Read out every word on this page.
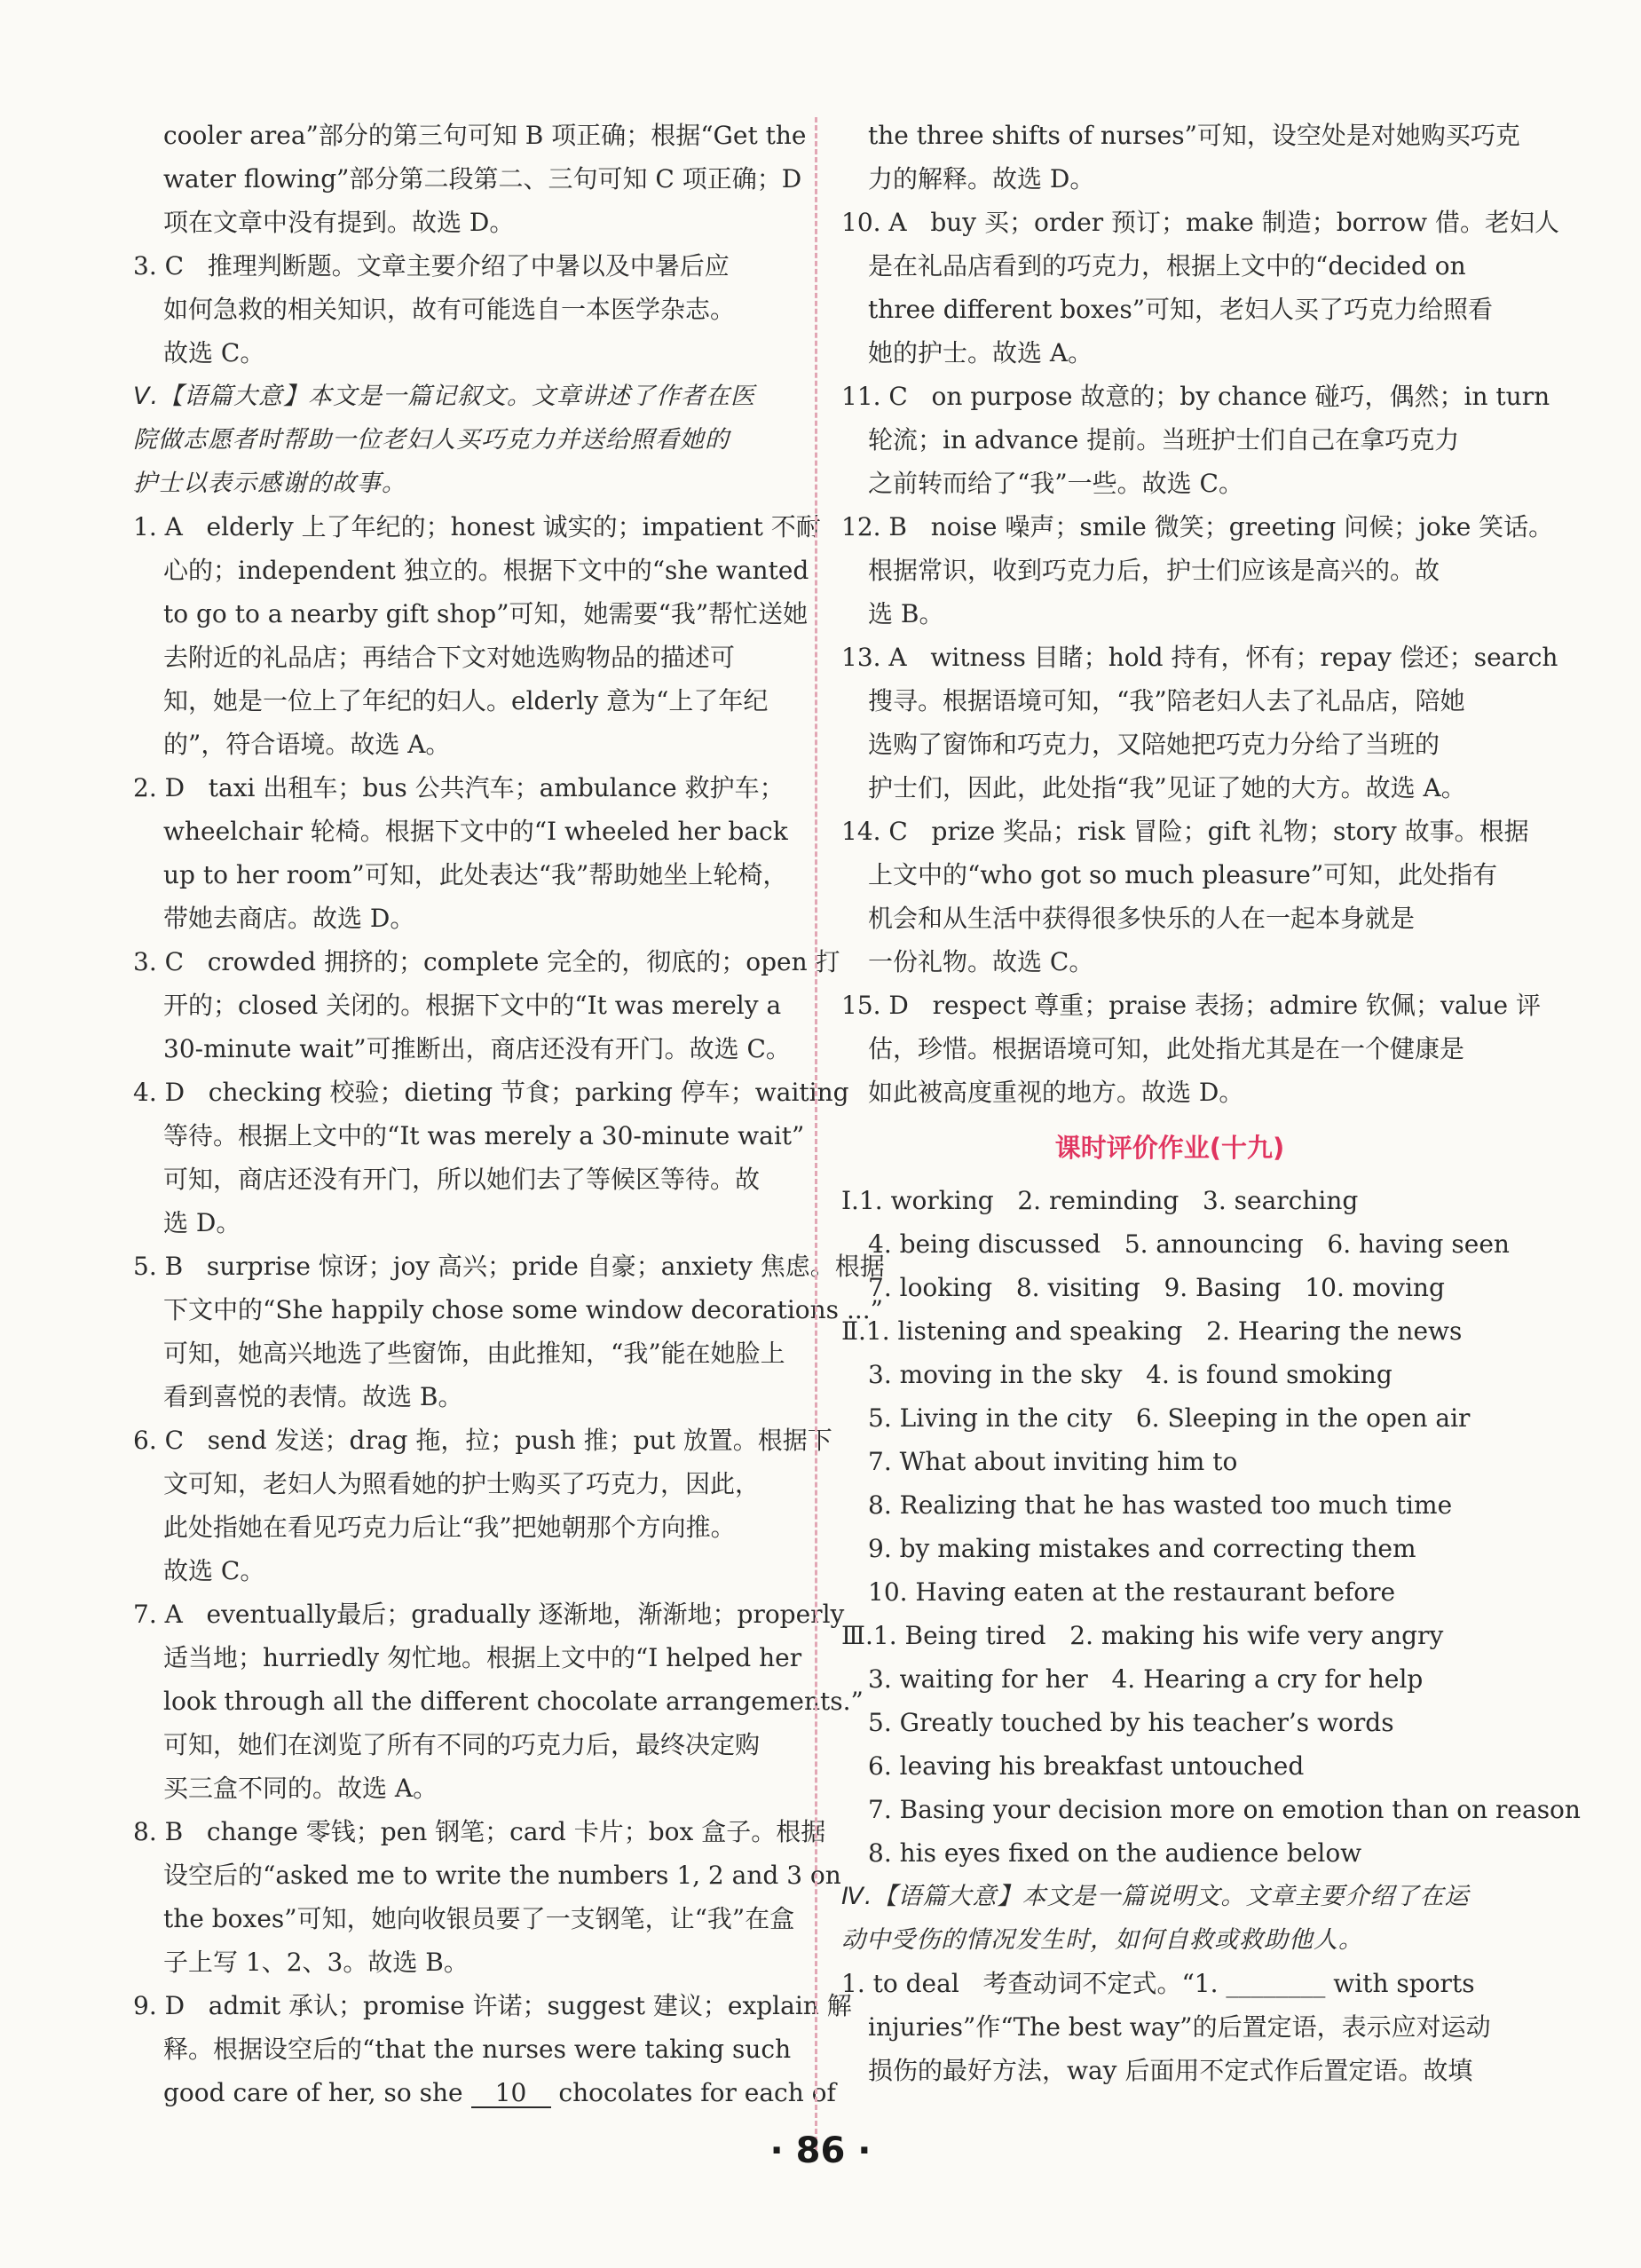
cooler area”部分的第三句可知 B 项正确；根据“Get the
water flowing”部分第二段第二、三句可知 C 项正确；D
项在文章中没有提到。故选 D。
3. C   推理判断题。文章主要介绍了中暑以及中暑后应
如何急救的相关知识，故有可能选自一本医学杂志。
故选 C。
Ⅴ.【语篇大意】本文是一篇记叙文。文章讲述了作者在医
院做志愿者时帮助一位老妇人买巧克力并送给照看她的
护士以表示感谢的故事。
1. A   elderly 上了年纪的；honest 诚实的；impatient 不耐
心的；independent 独立的。根据下文中的“she wanted
to go to a nearby gift shop”可知，她需要“我”帮忙送她
去附近的礼品店；再结合下文对她选购物品的描述可
知，她是一位上了年纪的妇人。elderly 意为“上了年纪
的”，符合语境。故选 A。
2. D   taxi 出租车；bus 公共汽车；ambulance 救护车；
wheelchair 轮椅。根据下文中的“I wheeled her back
up to her room”可知，此处表达“我”帮助她坐上轮椅，
带她去商店。故选 D。
3. C   crowded 拥挤的；complete 完全的，彻底的；open 打
开的；closed 关闭的。根据下文中的“It was merely a
30-minute wait”可推断出，商店还没有开门。故选 C。
4. D   checking 校验；dieting 节食；parking 停车；waiting
等待。根据上文中的“It was merely a 30-minute wait”
可知，商店还没有开门，所以她们去了等候区等待。故
选 D。
5. B   surprise 惊讶；joy 高兴；pride 自豪；anxiety 焦虑。根据
下文中的“She happily chose some window decorations ...”
可知，她高兴地选了些窗饰，由此推知，“我”能在她脸上
看到喜悦的表情。故选 B。
6. C   send 发送；drag 拖，拉；push 推；put 放置。根据下
文可知，老妇人为照看她的护士购买了巧克力，因此，
此处指她在看见巧克力后让“我”把她朝那个方向推。
故选 C。
7. A   eventually最后；gradually 逐渐地，渐渐地；properly
适当地；hurriedly 匆忙地。根据上文中的“I helped her
look through all the different chocolate arrangements.”
可知，她们在浏览了所有不同的巧克力后，最终决定购
买三盒不同的。故选 A。
8. B   change 零钱；pen 钢笔；card 卡片；box 盒子。根据
设空后的“asked me to write the numbers 1, 2 and 3 on
the boxes”可知，她向收银员要了一支钢笔，让“我”在盒
子上写 1、2、3。故选 B。
9. D   admit 承认；promise 许诺；suggest 建议；explain 解
释。根据设空后的“that the nurses were taking such
good care of her, so she 10 chocolates for each of
the three shifts of nurses”可知，设空处是对她购买巧克
力的解释。故选 D。
10. A   buy 买；order 预订；make 制造；borrow 借。老妇人
是在礼品店看到的巧克力，根据上文中的“decided on
three different boxes”可知，老妇人买了巧克力给照看
她的护士。故选 A。
11. C   on purpose 故意的；by chance 碰巧，偶然；in turn
轮流；in advance 提前。当班护士们自己在拿巧克力
之前转而给了“我”一些。故选 C。
12. B   noise 噪声；smile 微笑；greeting 问候；joke 笑话。
根据常识，收到巧克力后，护士们应该是高兴的。故
选 B。
13. A   witness 目睹；hold 持有，怀有；repay 偿还；search
搜寻。根据语境可知，“我”陪老妇人去了礼品店，陪她
选购了窗饰和巧克力，又陪她把巧克力分给了当班的
护士们，因此，此处指“我”见证了她的大方。故选 A。
14. C   prize 奖品；risk 冒险；gift 礼物；story 故事。根据
上文中的“who got so much pleasure”可知，此处指有
机会和从生活中获得很多快乐的人在一起本身就是
一份礼物。故选 C。
15. D   respect 尊重；praise 表扬；admire 钦佩；value 评
估，珍惜。根据语境可知，此处指尤其是在一个健康是
如此被高度重视的地方。故选 D。
课时评价作业(十九)
Ⅰ.1. working   2. reminding   3. searching
4. being discussed   5. announcing   6. having seen
7. looking   8. visiting   9. Basing   10. moving
Ⅱ.1. listening and speaking   2. Hearing the news
3. moving in the sky   4. is found smoking
5. Living in the city   6. Sleeping in the open air
7. What about inviting him to
8. Realizing that he has wasted too much time
9. by making mistakes and correcting them
10. Having eaten at the restaurant before
Ⅲ.1. Being tired   2. making his wife very angry
3. waiting for her   4. Hearing a cry for help
5. Greatly touched by his teacher’s words
6. leaving his breakfast untouched
7. Basing your decision more on emotion than on reason
8. his eyes fixed on the audience below
Ⅳ.【语篇大意】本文是一篇说明文。文章主要介绍了在运
动中受伤的情况发生时，如何自救或救助他人。
1. to deal   考查动词不定式。“1. ________ with sports
injuries”作“The best way”的后置定语，表示应对运动
损伤的最好方法，way 后面用不定式作后置定语。故填
· 86 ·
